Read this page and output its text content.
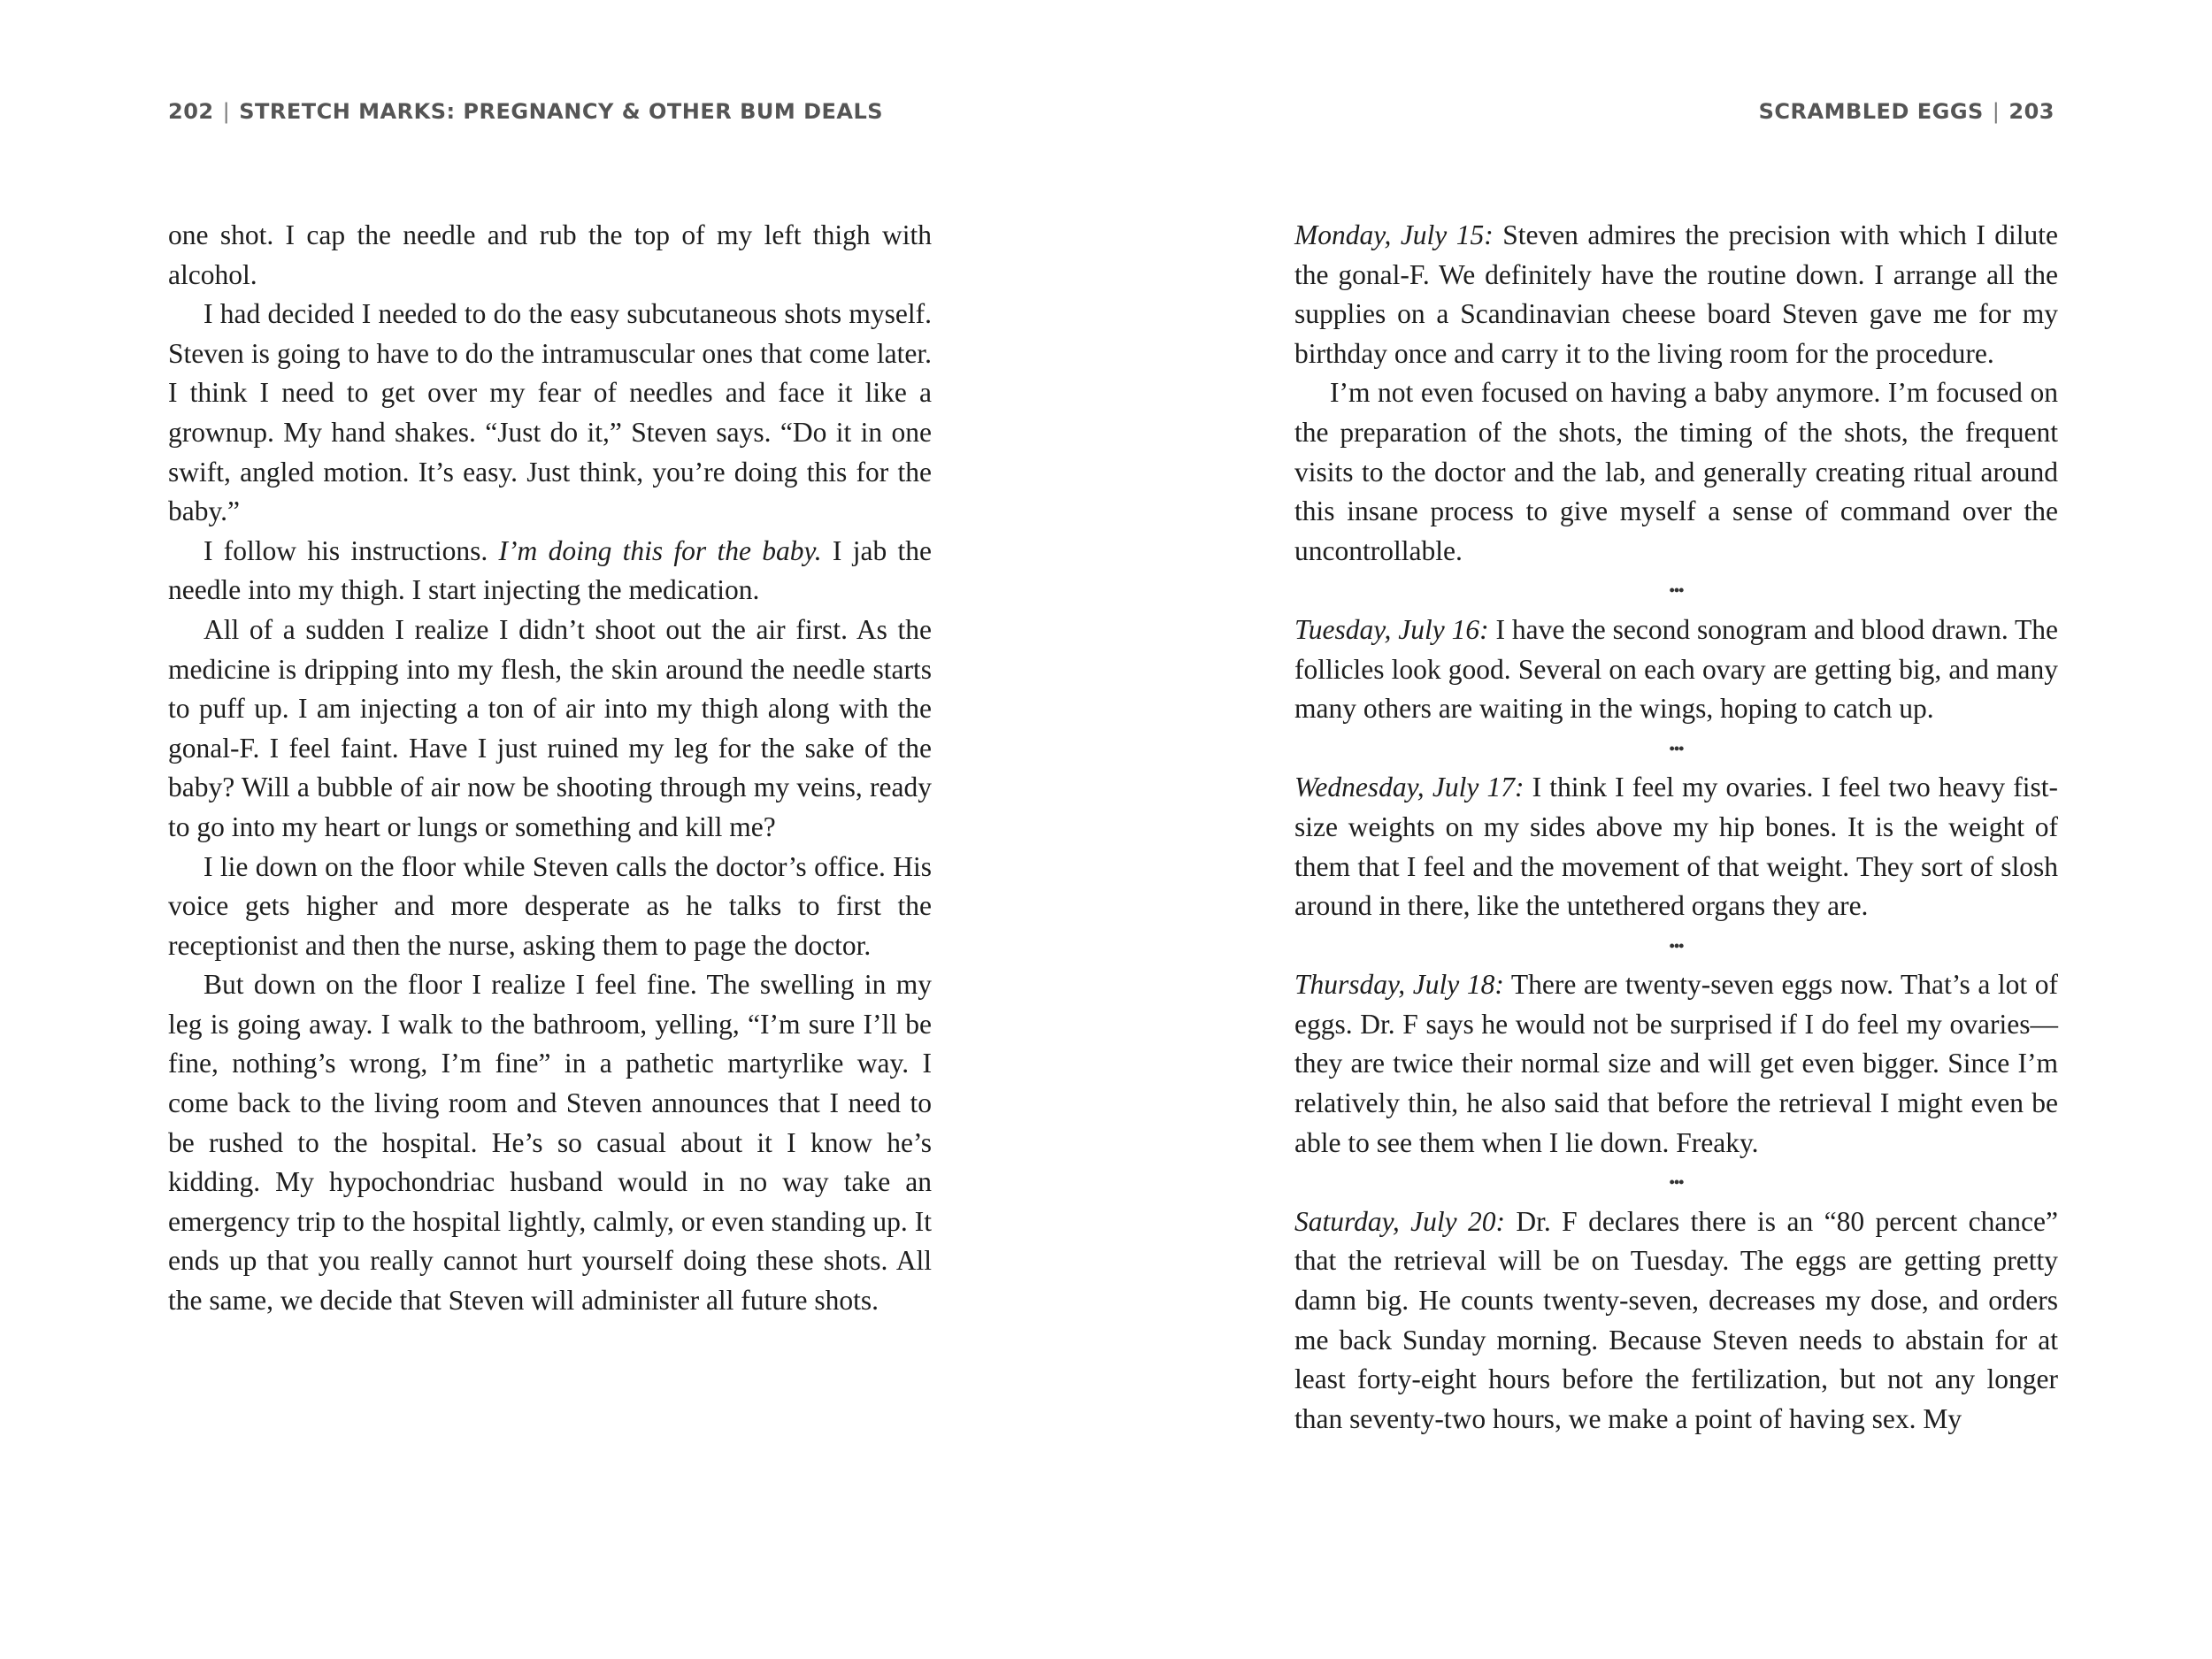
202 | STRETCH MARKS: PREGNANCY & OTHER BUM DEALS

one shot. I cap the needle and rub the top of my left thigh with alcohol.

I had decided I needed to do the easy subcutaneous shots myself. Steven is going to have to do the intramuscular ones that come later. I think I need to get over my fear of needles and face it like a grownup. My hand shakes. “Just do it,” Steven says. “Do it in one swift, angled motion. It’s easy. Just think, you’re doing this for the baby.”

I follow his instructions. I’m doing this for the baby. I jab the needle into my thigh. I start injecting the medication.

All of a sudden I realize I didn’t shoot out the air first. As the medicine is dripping into my flesh, the skin around the needle starts to puff up. I am injecting a ton of air into my thigh along with the gonal-F. I feel faint. Have I just ruined my leg for the sake of the baby? Will a bubble of air now be shooting through my veins, ready to go into my heart or lungs or something and kill me?

I lie down on the floor while Steven calls the doctor’s office. His voice gets higher and more desperate as he talks to first the receptionist and then the nurse, asking them to page the doctor.

But down on the floor I realize I feel fine. The swelling in my leg is going away. I walk to the bathroom, yelling, “I’m sure I’ll be fine, nothing’s wrong, I’m fine” in a pathetic martyrlike way. I come back to the living room and Steven announces that I need to be rushed to the hospital. He’s so casual about it I know he’s kidding. My hypochondriac husband would in no way take an emergency trip to the hospital lightly, calmly, or even standing up. It ends up that you really cannot hurt yourself doing these shots. All the same, we decide that Steven will administer all future shots.

SCRAMBLED EGGS | 203

Monday, July 15: Steven admires the precision with which I dilute the gonal-F. We definitely have the routine down. I arrange all the supplies on a Scandinavian cheese board Steven gave me for my birthday once and carry it to the living room for the procedure.

I’m not even focused on having a baby anymore. I’m focused on the preparation of the shots, the timing of the shots, the frequent visits to the doctor and the lab, and generally creating ritual around this insane process to give myself a sense of command over the uncontrollable.

•••

Tuesday, July 16: I have the second sonogram and blood drawn. The follicles look good. Several on each ovary are getting big, and many many others are waiting in the wings, hoping to catch up.

•••

Wednesday, July 17: I think I feel my ovaries. I feel two heavy fist-size weights on my sides above my hip bones. It is the weight of them that I feel and the movement of that weight. They sort of slosh around in there, like the untethered organs they are.

•••

Thursday, July 18: There are twenty-seven eggs now. That’s a lot of eggs. Dr. F says he would not be surprised if I do feel my ovaries—they are twice their normal size and will get even bigger. Since I’m relatively thin, he also said that before the retrieval I might even be able to see them when I lie down. Freaky.

•••

Saturday, July 20: Dr. F declares there is an “80 percent chance” that the retrieval will be on Tuesday. The eggs are getting pretty damn big. He counts twenty-seven, decreases my dose, and orders me back Sunday morning. Because Steven needs to abstain for at least forty-eight hours before the fertilization, but not any longer than seventy-two hours, we make a point of having sex. My
